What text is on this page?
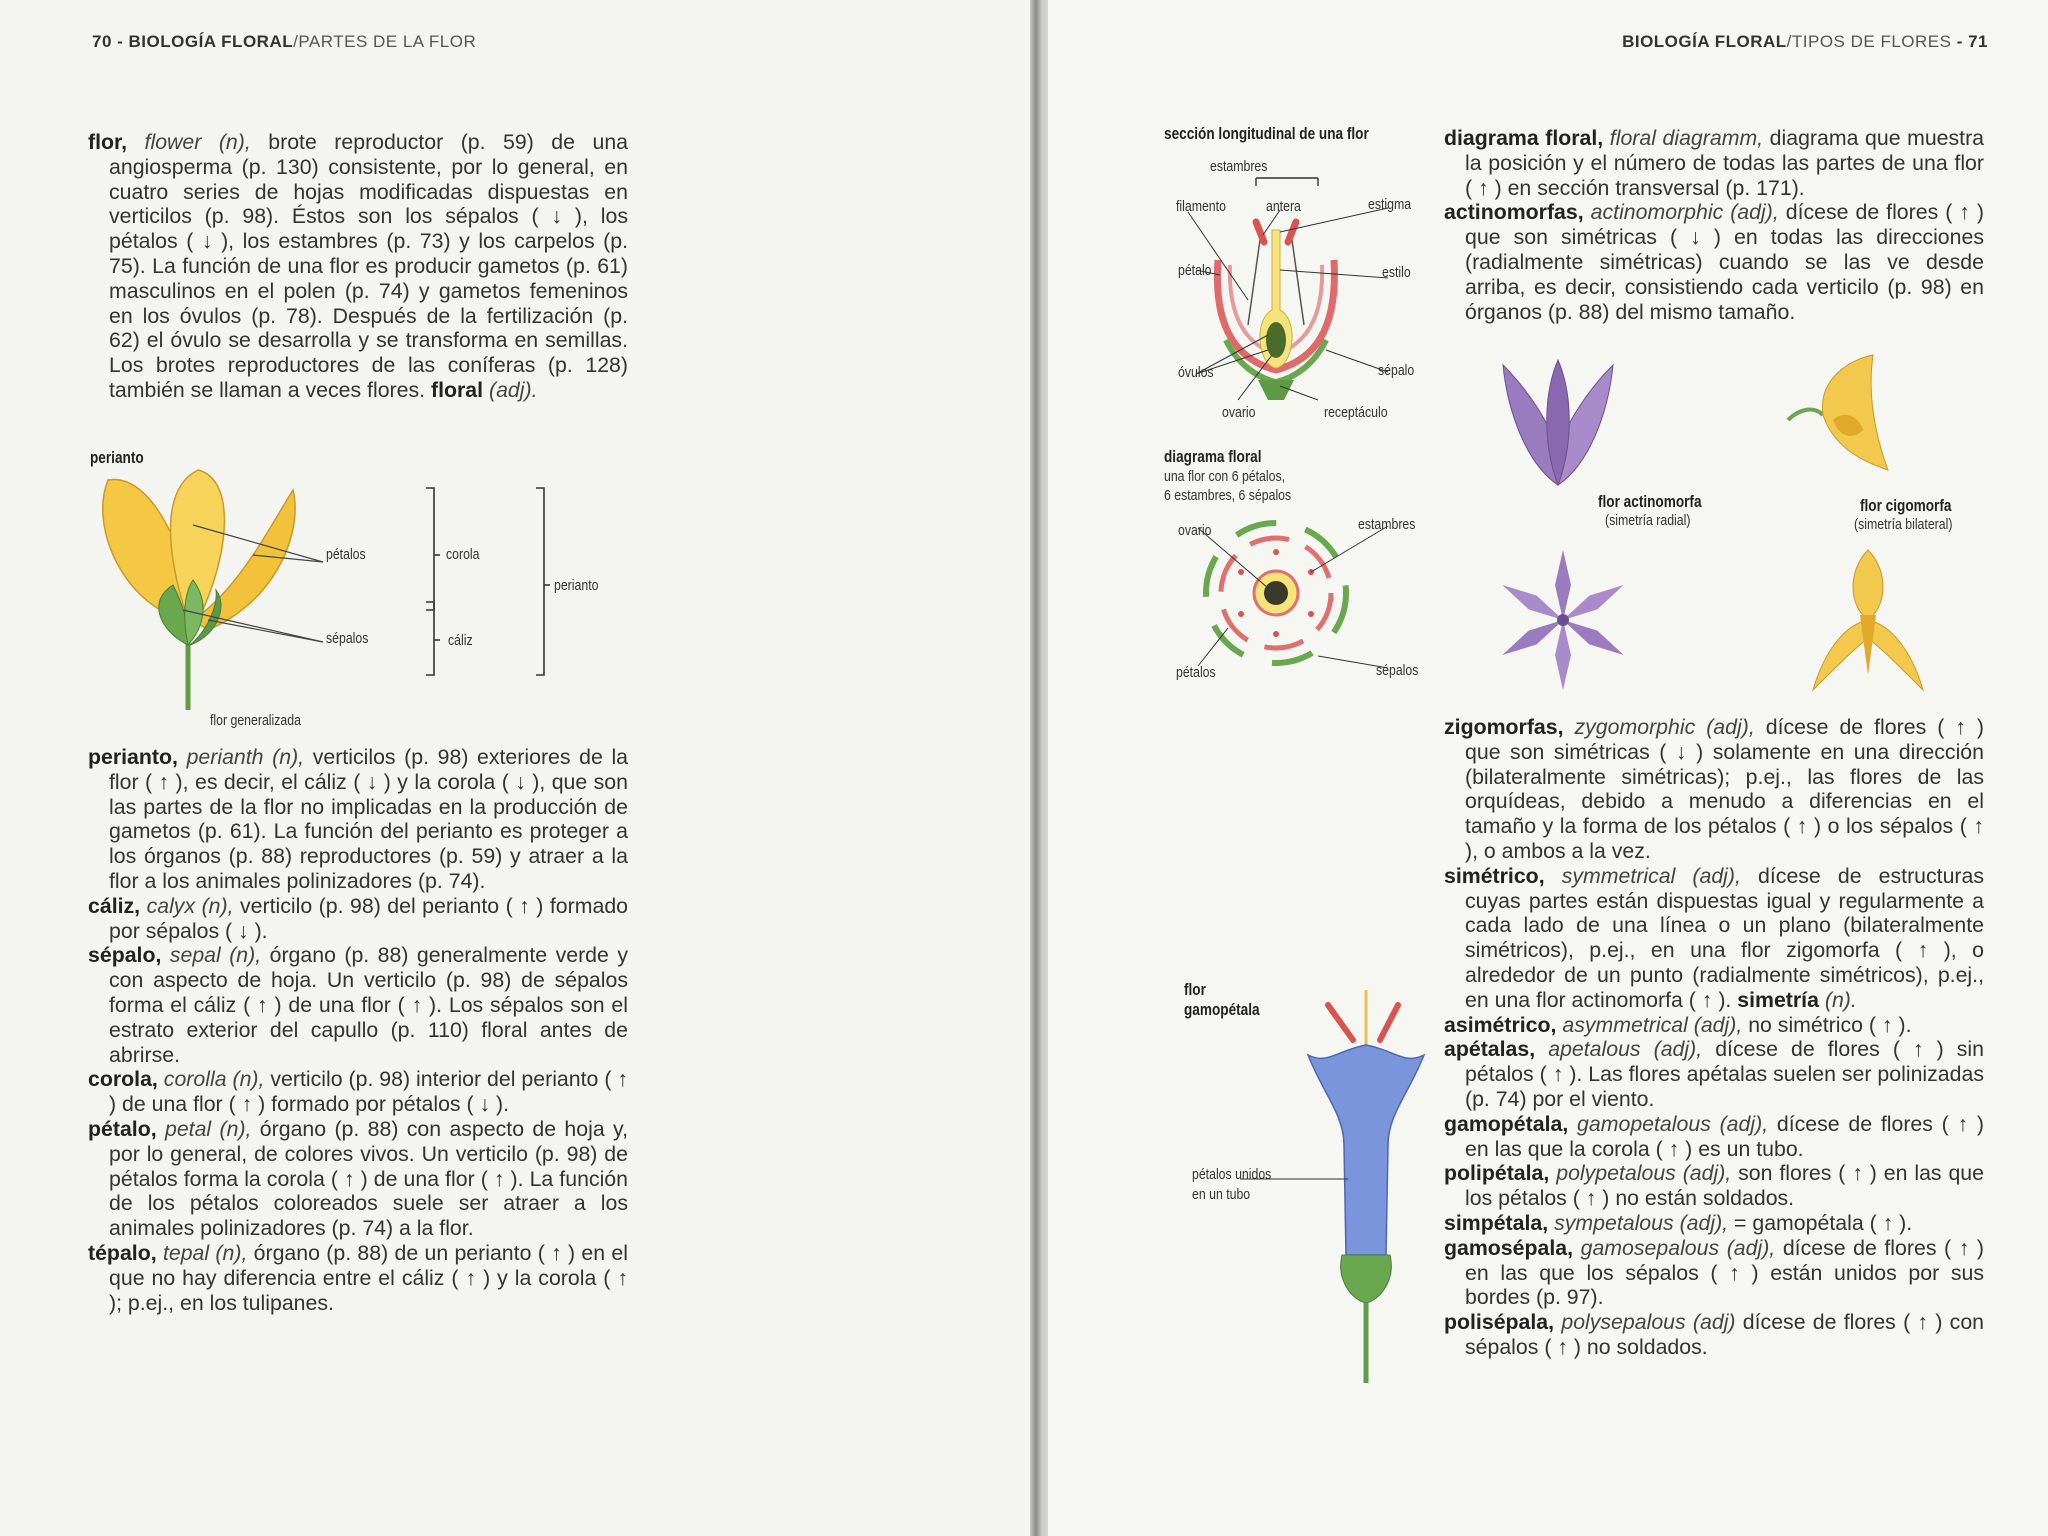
70 - BIOLOGÍA FLORAL/PARTES DE LA FLOR

flor, flower (n), brote reproductor (p. 59) de una angiosperma (p. 130) consistente, por lo general, en cuatro series de hojas modificadas dispuestas en verticilos (p. 98). Éstos son los sépalos ( ↓ ), los pétalos ( ↓ ), los estambres (p. 73) y los carpelos (p. 75). La función de una flor es producir gametos (p. 61) masculinos en el polen (p. 74) y gametos femeninos en los óvulos (p. 78). Después de la fertilización (p. 62) el óvulo se desarrolla y se transforma en semillas. Los brotes reproductores de las coníferas (p. 128) también se llaman a veces flores. floral (adj).

perianto
pétalos
sépalos
corola
cáliz
perianto
flor generalizada

perianto, perianth (n), verticilos (p. 98) exteriores de la flor ( ↑ ), es decir, el cáliz ( ↓ ) y la corola ( ↓ ), que son las partes de la flor no implicadas en la producción de gametos (p. 61). La función del perianto es proteger a los órganos (p. 88) reproductores (p. 59) y atraer a la flor a los animales polinizadores (p. 74).

cáliz, calyx (n), verticilo (p. 98) del perianto ( ↑ ) formado por sépalos ( ↓ ).

sépalo, sepal (n), órgano (p. 88) generalmente verde y con aspecto de hoja. Un verticilo (p. 98) de sépalos forma el cáliz ( ↑ ) de una flor ( ↑ ). Los sépalos son el estrato exterior del capullo (p. 110) floral antes de abrirse.

corola, corolla (n), verticilo (p. 98) interior del perianto ( ↑ ) de una flor ( ↑ ) formado por pétalos ( ↓ ).

pétalo, petal (n), órgano (p. 88) con aspecto de hoja y, por lo general, de colores vivos. Un verticilo (p. 98) de pétalos forma la corola ( ↑ ) de una flor ( ↑ ). La función de los pétalos coloreados suele ser atraer a los animales polinizadores (p. 74) a la flor.

tépalo, tepal (n), órgano (p. 88) de un perianto ( ↑ ) en el que no hay diferencia entre el cáliz ( ↑ ) y la corola ( ↑ ); p.ej., en los tulipanes.

BIOLOGÍA FLORAL/TIPOS DE FLORES - 71
sección longitudinal de una flor
estambres
filamento	antera	estigma
pétalo	estilo
óvulos	sépalo
ovario	receptáculo
diagrama floral
una flor con 6 pétalos,
6 estambres, 6 sépalos
ovario	estambres
pétalos	sépalos
flor
gamopétala
pétalos unidos
en un tubo

diagrama floral, floral diagramm, diagrama que muestra la posición y el número de todas las partes de una flor ( ↑ ) en sección transversal (p. 171).

actinomorfas, actinomorphic (adj), dícese de flores ( ↑ ) que son simétricas ( ↓ ) en todas las direcciones (radialmente simétricas) cuando se las ve desde arriba, es decir, consistiendo cada verticilo (p. 98) en órganos (p. 88) del mismo tamaño.

flor actinomorfa
(simetría radial)
flor cigomorfa
(simetría bilateral)

zigomorfas, zygomorphic (adj), dícese de flores ( ↑ ) que son simétricas ( ↓ ) solamente en una dirección (bilateralmente simétricas); p.ej., las flores de las orquídeas, debido a menudo a diferencias en el tamaño y la forma de los pétalos ( ↑ ) o los sépalos ( ↑ ), o ambos a la vez.

simétrico, symmetrical (adj), dícese de estructuras cuyas partes están dispuestas igual y regularmente a cada lado de una línea o un plano (bilateralmente simétricos), p.ej., en una flor zigomorfa ( ↑ ), o alrededor de un punto (radialmente simétricos), p.ej., en una flor actinomorfa ( ↑ ). simetría (n).

asimétrico, asymmetrical (adj), no simétrico ( ↑ ).

apétalas, apetalous (adj), dícese de flores ( ↑ ) sin pétalos ( ↑ ). Las flores apétalas suelen ser polinizadas (p. 74) por el viento.

gamopétala, gamopetalous (adj), dícese de flores ( ↑ ) en las que la corola ( ↑ ) es un tubo.

polipétala, polypetalous (adj), son flores ( ↑ ) en las que los pétalos ( ↑ ) no están soldados.

simpétala, sympetalous (adj), = gamopétala ( ↑ ).

gamosépala, gamosepalous (adj), dícese de flores ( ↑ ) en las que los sépalos ( ↑ ) están unidos por sus bordes (p. 97).

polisépala, polysepalous (adj) dícese de flores ( ↑ ) con sépalos ( ↑ ) no soldados.
